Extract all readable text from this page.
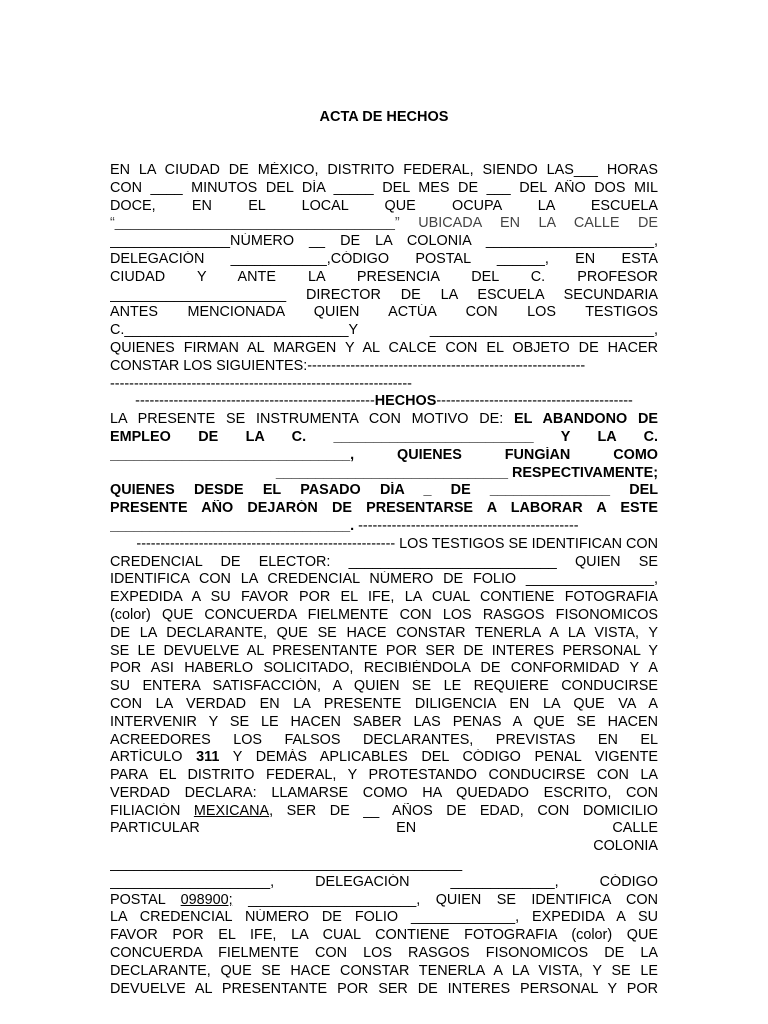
ACTA DE HECHOS
EN LA CIUDAD DE MÉXICO, DISTRITO FEDERAL, SIENDO LAS___ HORAS
CON ____ MINUTOS DEL DÍA _____ DEL MES DE ___ DEL AÑO DOS MIL
DOCE, EN EL LOCAL QUE OCUPA LA ESCUELA
“___________________________________” UBICADA EN LA CALLE DE
_______________NÚMERO __ DE LA COLONIA _____________________,
DELEGACIÓN ____________,CÓDIGO POSTAL ______, EN ESTA
CIUDAD Y ANTE LA PRESENCIA DEL C. PROFESOR
______________________ DIRECTOR DE LA ESCUELA SECUNDARIA
ANTES MENCIONADA QUIEN ACTÚA CON LOS TESTIGOS
C.____________________________Y ____________________________,
QUIENES FIRMAN AL MARGEN Y AL CALCE CON EL OBJETO DE HACER
CONSTAR LOS SIGUIENTES:----------------------------------------------------------
---------------------------------------------------------------
--------------------------------------------------HECHOS-----------------------------------------
LA PRESENTE SE INSTRUMENTA CON MOTIVO DE: EL ABANDONO DE
EMPLEO DE LA C. _________________________ Y LA C.
______________________________, QUIENES FUNGÍAN COMO
_____________________________ RESPECTIVAMENTE;
QUIENES DESDE EL PASADO DÍA _ DE _______________ DEL
PRESENTE AÑO DEJARÓN DE PRESENTARSE A LABORAR A ESTE
______________________________. ----------------------------------------------
------------------------------------------------------ LOS TESTIGOS SE IDENTIFICAN CON
CREDENCIAL DE ELECTOR: __________________________ QUIEN SE
IDENTIFICA CON LA CREDENCIAL NÚMERO DE FOLIO ________________,
EXPEDIDA A SU FAVOR POR EL IFE, LA CUAL CONTIENE FOTOGRAFIA
(color) QUE CONCUERDA FIELMENTE CON LOS RASGOS FISONOMICOS
DE LA DECLARANTE, QUE SE HACE CONSTAR TENERLA A LA VISTA, Y
SE LE DEVUELVE AL PRESENTANTE POR SER DE INTERES PERSONAL Y
POR ASI HABERLO SOLICITADO, RECIBIÉNDOLA DE CONFORMIDAD Y A
SU ENTERA SATISFACCIÓN, A QUIEN SE LE REQUIERE CONDUCIRSE
CON LA VERDAD EN LA PRESENTE DILIGENCIA EN LA QUE VA A
INTERVENIR Y SE LE HACEN SABER LAS PENAS A QUE SE HACEN
ACREEDORES LOS FALSOS DECLARANTES, PREVISTAS EN EL
ARTÍCULO 311 Y DEMÁS APLICABLES DEL CÓDIGO PENAL VIGENTE
PARA EL DISTRITO FEDERAL, Y PROTESTANDO CONDUCIRSE CON LA
VERDAD DECLARA: LLAMARSE COMO HA QUEDADO ESCRITO, CON
FILIACIÓN MEXICANA, SER DE __ AÑOS DE EDAD, CON DOMICILIO
PARTICULAR	EN	CALLE
COLONIA
____________________________________________
____________________, DELEGACIÓN _____________, CÓDIGO
POSTAL 098900; _____________________, QUIEN SE IDENTIFICA CON
LA CREDENCIAL NÚMERO DE FOLIO _____________, EXPEDIDA A SU
FAVOR POR EL IFE, LA CUAL CONTIENE FOTOGRAFIA (color) QUE
CONCUERDA FIELMENTE CON LOS RASGOS FISONOMICOS DE LA
DECLARANTE, QUE SE HACE CONSTAR TENERLA A LA VISTA, Y SE LE
DEVUELVE AL PRESENTANTE POR SER DE INTERES PERSONAL Y POR
